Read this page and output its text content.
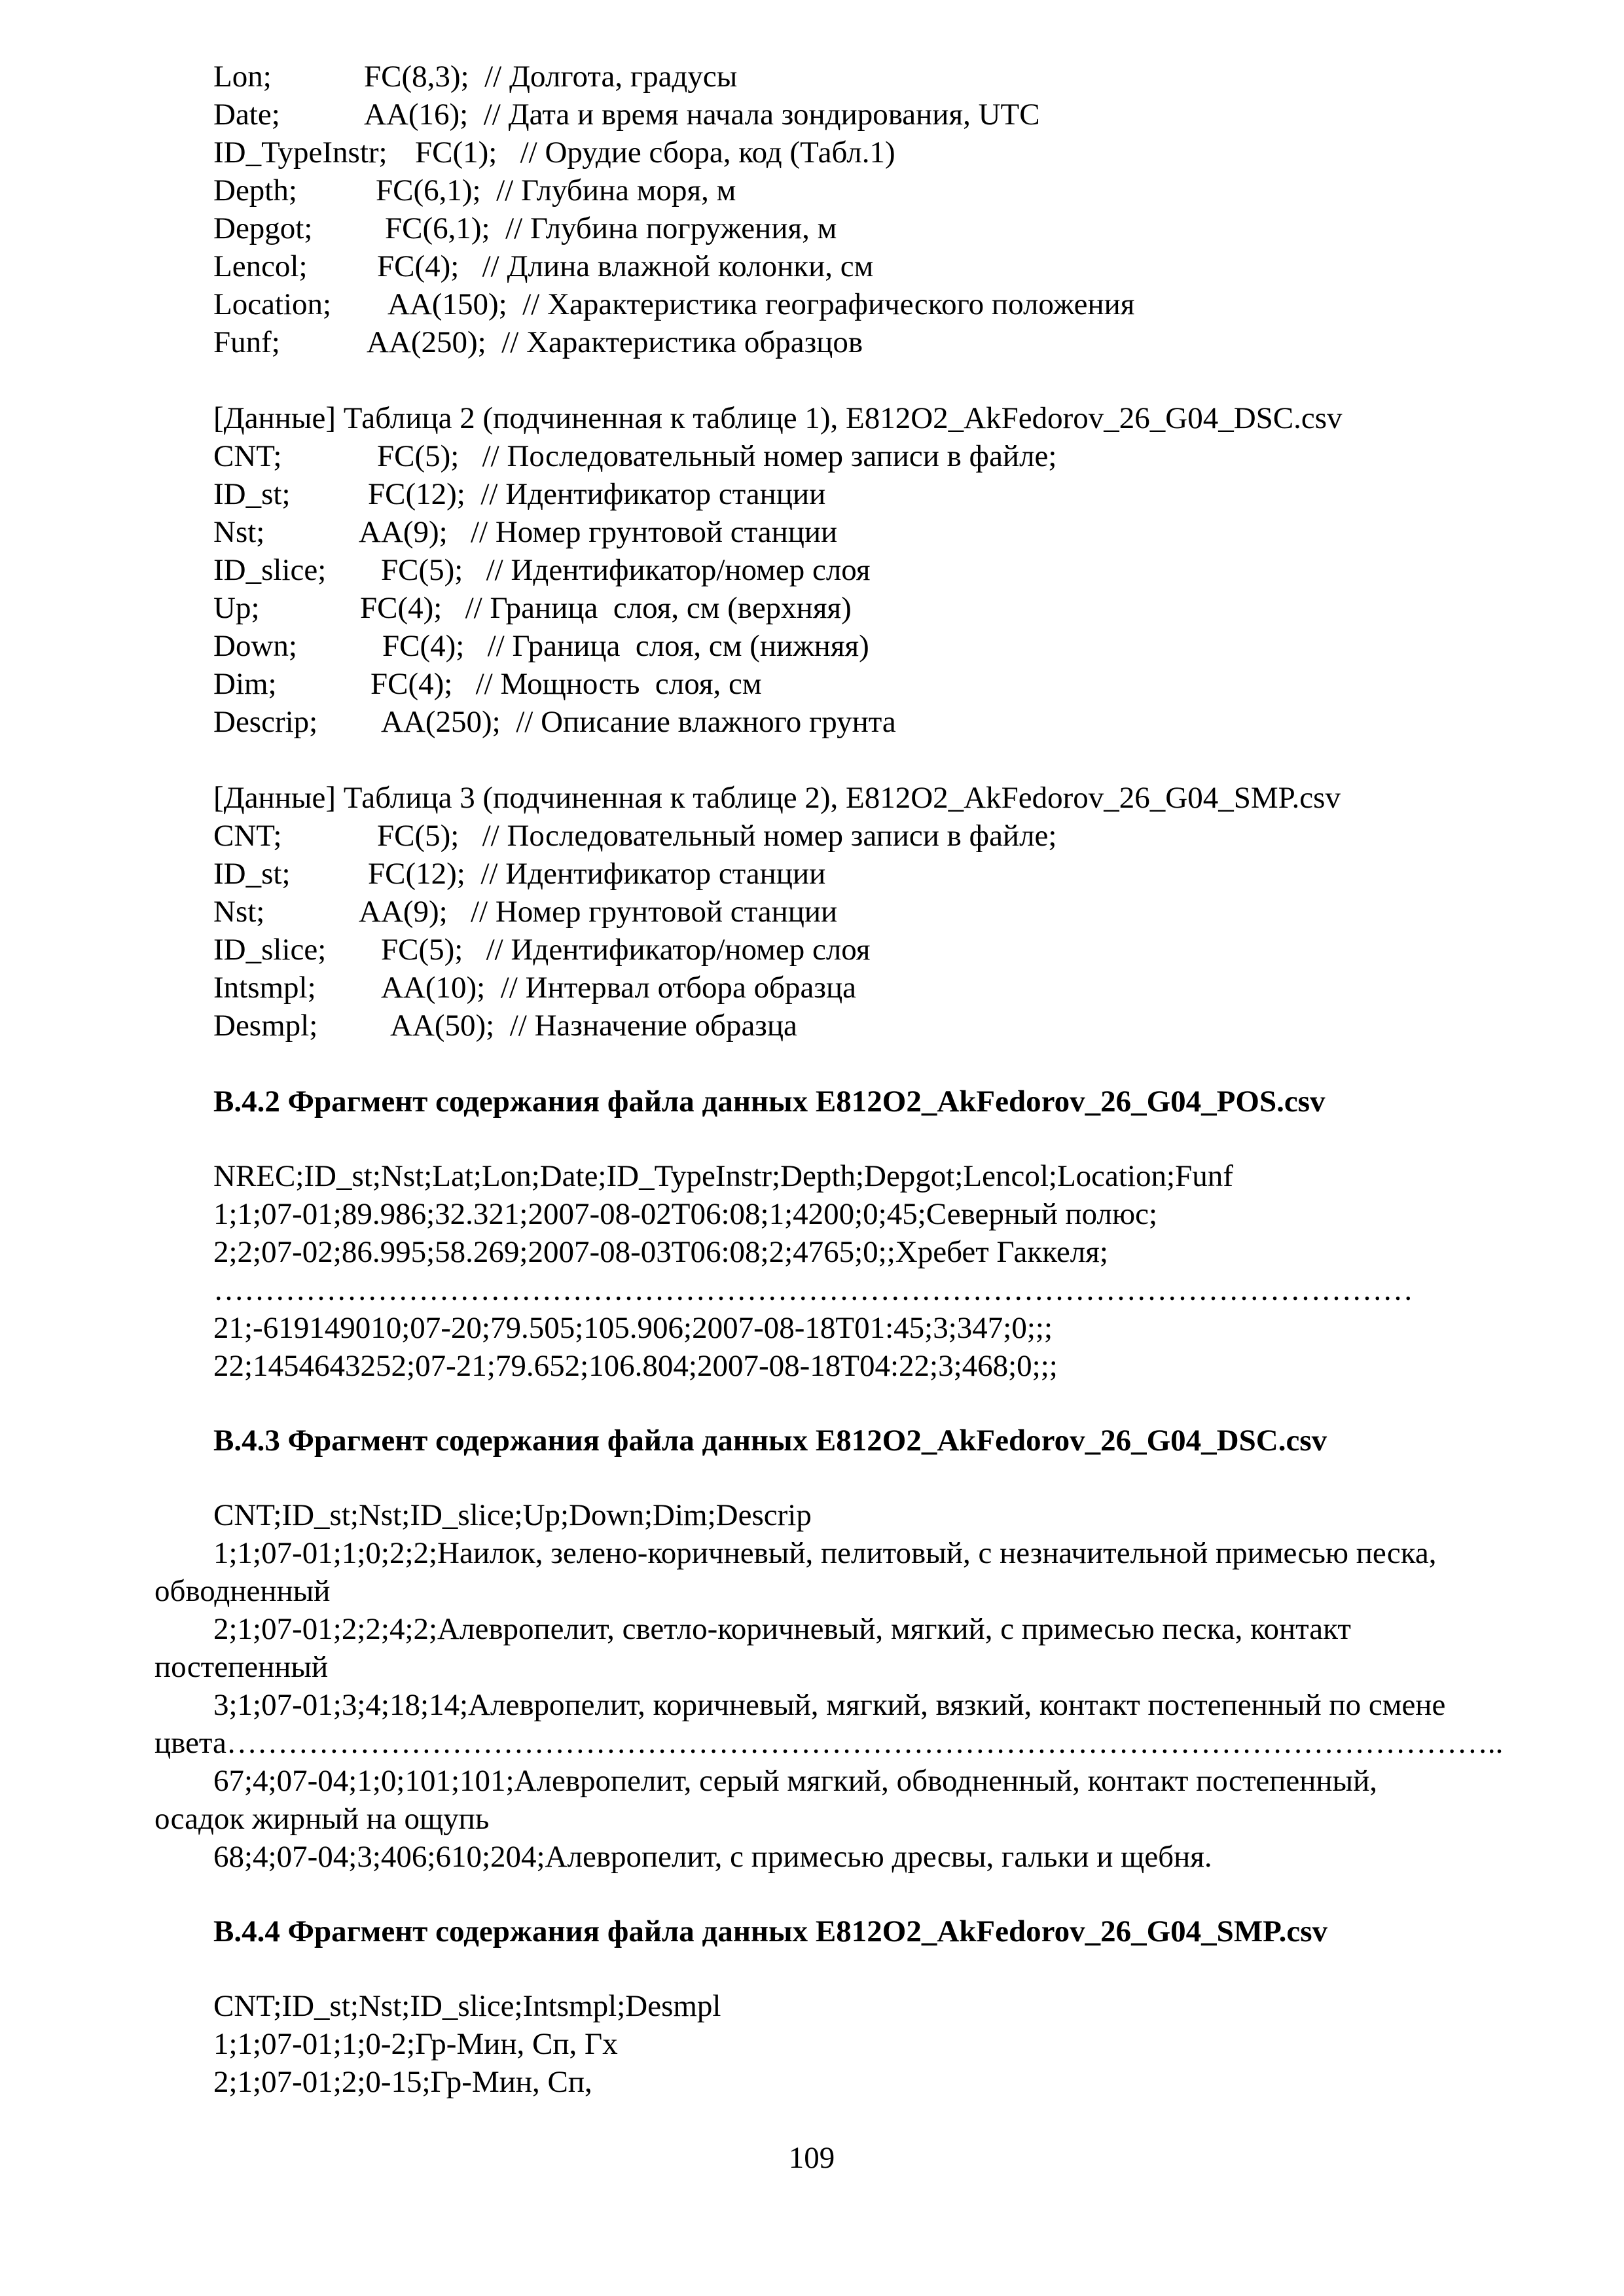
Lon;	FC(8,3);  // Долгота, градусы
Date;	AA(16);  // Дата и время начала зондирования, UTC
ID_TypeInstr; FC(1);   // Орудие сбора, код (Табл.1)
Depth;	FC(6,1);  // Глубина моря, м
Depgot; FC(6,1);  // Глубина погружения, м
Lencol; FC(4);   // Длина влажной колонки, см
Location; AA(150);  // Характеристика географического положения
Funf;	AA(250);  // Характеристика образцов
[Данные] Таблица 2 (подчиненная к таблице 1), E812O2_AkFedorov_26_G04_DSC.csv
CNT;	FC(5);   // Последовательный номер записи в файле;
ID_st;	FC(12);  // Идентификатор станции
Nst;	AA(9);   // Номер грунтовой станции
ID_slice; FC(5);   // Идентификатор/номер слоя
Up;	FC(4);   // Граница  слоя, см (верхняя)
Down;	FC(4);   // Граница  слоя, см (нижняя)
Dim;	FC(4);   // Мощность  слоя, см
Descrip; AA(250);  // Описание влажного грунта
[Данные] Таблица 3 (подчиненная к таблице 2), E812O2_AkFedorov_26_G04_SMP.csv
CNT;	FC(5);   // Последовательный номер записи в файле;
ID_st;	FC(12);  // Идентификатор станции
Nst;	AA(9);   // Номер грунтовой станции
ID_slice; FC(5);   // Идентификатор/номер слоя
Intsmpl; AA(10);  // Интервал отбора образца
Desmpl; AA(50);  // Назначение образца
В.4.2 Фрагмент содержания файла данных E812O2_AkFedorov_26_G04_POS.csv
NREC;ID_st;Nst;Lat;Lon;Date;ID_TypeInstr;Depth;Depgot;Lencol;Location;Funf
1;1;07-01;89.986;32.321;2007-08-02T06:08;1;4200;0;45;Северный полюс;
2;2;07-02;86.995;58.269;2007-08-03T06:08;2;4765;0;;Хребет Гаккеля;
………………………………………………………………………………………………………
21;-619149010;07-20;79.505;105.906;2007-08-18T01:45;3;347;0;;;
22;1454643252;07-21;79.652;106.804;2007-08-18T04:22;3;468;0;;;
В.4.3 Фрагмент содержания файла данных E812O2_AkFedorov_26_G04_DSC.csv
CNT;ID_st;Nst;ID_slice;Up;Down;Dim;Descrip
1;1;07-01;1;0;2;2;Наилок, зелено-коричневый, пелитовый, с незначительной примесью песка,
обводненный
2;1;07-01;2;2;4;2;Алевропелит, светло-коричневый, мягкий, с примесью песка, контакт
постепенный
3;1;07-01;3;4;18;14;Алевропелит, коричневый, мягкий, вязкий, контакт постепенный по смене
цвета……………………………………………………………………………………………………………..
67;4;07-04;1;0;101;101;Алевропелит, серый мягкий, обводненный, контакт постепенный,
осадок жирный на ощупь
68;4;07-04;3;406;610;204;Алевропелит, с примесью дресвы, гальки и щебня.
В.4.4 Фрагмент содержания файла данных E812O2_AkFedorov_26_G04_SMP.csv
CNT;ID_st;Nst;ID_slice;Intsmpl;Desmpl
1;1;07-01;1;0-2;Гр-Мин, Сп, Гх
2;1;07-01;2;0-15;Гр-Мин, Сп,
109
